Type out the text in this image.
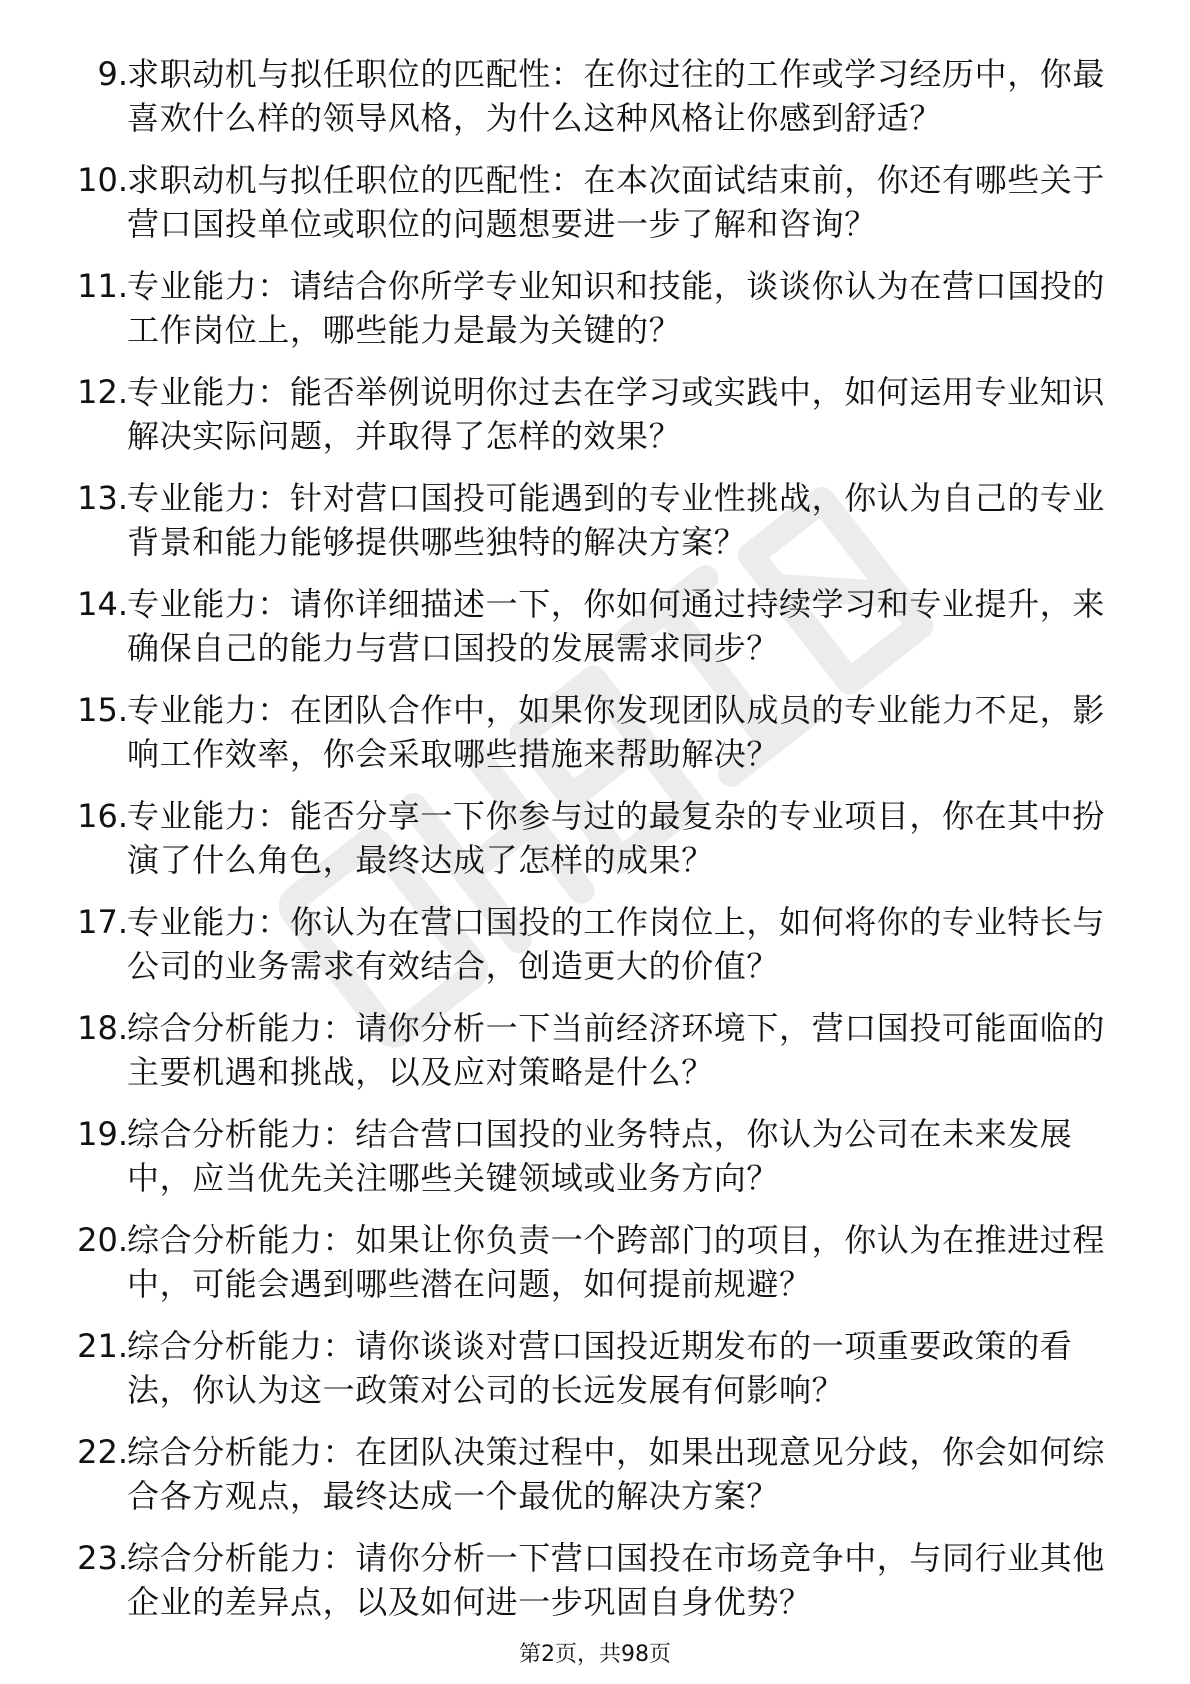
9. 求职动机与拟任职位的匹配性：在你过往的工作或学习经历中，你最喜欢什么样的领导风格，为什么这种风格让你感到舒适？
10. 求职动机与拟任职位的匹配性：在本次面试结束前，你还有哪些关于营口国投单位或职位的问题想要进一步了解和咨询？
11. 专业能力：请结合你所学专业知识和技能，谈谈你认为在营口国投的工作岗位上，哪些能力是最为关键的？
12. 专业能力：能否举例说明你过去在学习或实践中，如何运用专业知识解决实际问题，并取得了怎样的效果？
13. 专业能力：针对营口国投可能遇到的专业性挑战，你认为自己的专业背景和能力能够提供哪些独特的解决方案？
14. 专业能力：请你详细描述一下，你如何通过持续学习和专业提升，来确保自己的能力与营口国投的发展需求同步？
15. 专业能力：在团队合作中，如果你发现团队成员的专业能力不足，影响工作效率，你会采取哪些措施来帮助解决？
16. 专业能力：能否分享一下你参与过的最复杂的专业项目，你在其中扮演了什么角色，最终达成了怎样的成果？
17. 专业能力：你认为在营口国投的工作岗位上，如何将你的专业特长与公司的业务需求有效结合，创造更大的价值？
18. 综合分析能力：请你分析一下当前经济环境下，营口国投可能面临的主要机遇和挑战，以及应对策略是什么？
19. 综合分析能力：结合营口国投的业务特点，你认为公司在未来发展中，应当优先关注哪些关键领域或业务方向？
20. 综合分析能力：如果让你负责一个跨部门的项目，你认为在推进过程中，可能会遇到哪些潜在问题，如何提前规避？
21. 综合分析能力：请你谈谈对营口国投近期发布的一项重要政策的看法，你认为这一政策对公司的长远发展有何影响？
22. 综合分析能力：在团队决策过程中，如果出现意见分歧，你会如何综合各方观点，最终达成一个最优的解决方案？
23. 综合分析能力：请你分析一下营口国投在市场竞争中，与同行业其他企业的差异点，以及如何进一步巩固自身优势？
第2页，共98页
